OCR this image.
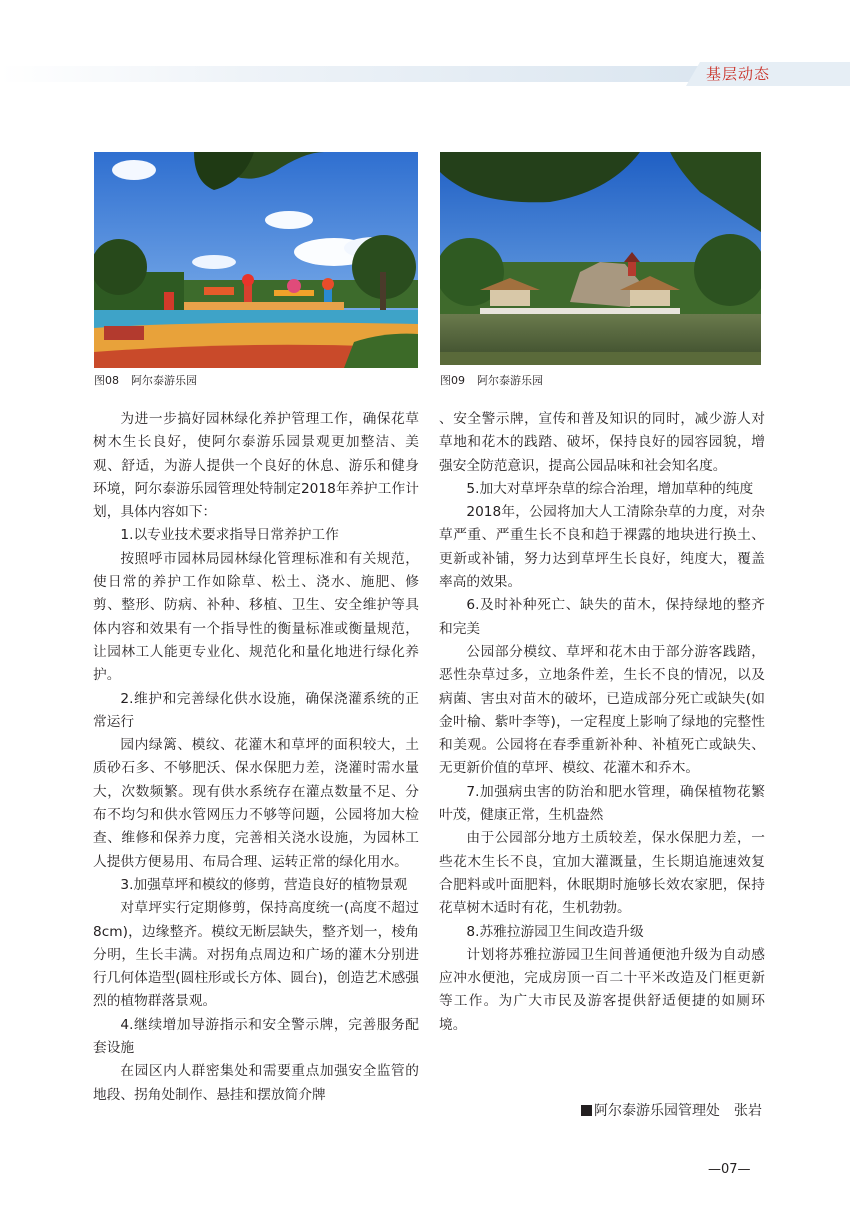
基层动态
图08 阿尔泰游乐园	图09 阿尔泰游乐园

为进一步搞好园林绿化养护管理工作，确保花草树木生长良好，使阿尔泰游乐园景观更加整洁、美观、舒适，为游人提供一个良好的休息、游乐和健身环境，阿尔泰游乐园管理处特制定2018年养护工作计划，具体内容如下：

1.以专业技术要求指导日常养护工作

按照呼市园林局园林绿化管理标准和有关规范，使日常的养护工作如除草、松土、浇水、施肥、修剪、整形、防病、补种、移植、卫生、安全维护等具体内容和效果有一个指导性的衡量标准或衡量规范，让园林工人能更专业化、规范化和量化地进行绿化养护。

2.维护和完善绿化供水设施，确保浇灌系统的正常运行

园内绿篱、模纹、花灌木和草坪的面积较大，土质砂石多、不够肥沃、保水保肥力差，浇灌时需水量大，次数频繁。现有供水系统存在灌点数量不足、分布不均匀和供水管网压力不够等问题，公园将加大检查、维修和保养力度，完善相关浇水设施，为园林工人提供方便易用、布局合理、运转正常的绿化用水。

3.加强草坪和模纹的修剪，营造良好的植物景观

对草坪实行定期修剪，保持高度统一(高度不超过8cm)，边缘整齐。模纹无断层缺失，整齐划一，棱角分明，生长丰满。对拐角点周边和广场的灌木分别进行几何体造型(圆柱形或长方体、圆台)，创造艺术感强烈的植物群落景观。

4.继续增加导游指示和安全警示牌，完善服务配套设施

在园区内人群密集处和需要重点加强安全监管的地段、拐角处制作、悬挂和摆放简介牌

、安全警示牌，宣传和普及知识的同时，减少游人对草地和花木的践踏、破坏，保持良好的园容园貌，增强安全防范意识，提高公园品味和社会知名度。

5.加大对草坪杂草的综合治理，增加草种的纯度

2018年，公园将加大人工清除杂草的力度，对杂草严重、严重生长不良和趋于裸露的地块进行换土、更新或补铺，努力达到草坪生长良好，纯度大，覆盖率高的效果。

6.及时补种死亡、缺失的苗木，保持绿地的整齐和完美

公园部分模纹、草坪和花木由于部分游客践踏，恶性杂草过多，立地条件差，生长不良的情况，以及病菌、害虫对苗木的破坏，已造成部分死亡或缺失(如金叶榆、紫叶李等)，一定程度上影响了绿地的完整性和美观。公园将在春季重新补种、补植死亡或缺失、无更新价值的草坪、模纹、花灌木和乔木。

7.加强病虫害的防治和肥水管理，确保植物花繁叶茂，健康正常，生机盎然

由于公园部分地方土质较差，保水保肥力差，一些花木生长不良，宜加大灌溉量，生长期追施速效复合肥料或叶面肥料，休眠期时施够长效农家肥，保持花草树木适时有花，生机勃勃。

8.苏雅拉游园卫生间改造升级

计划将苏雅拉游园卫生间普通便池升级为自动感应冲水便池，完成房顶一百二十平米改造及门框更新等工作。为广大市民及游客提供舒适便捷的如厕环境。

阿尔泰游乐园管理处 张岩
—07—
